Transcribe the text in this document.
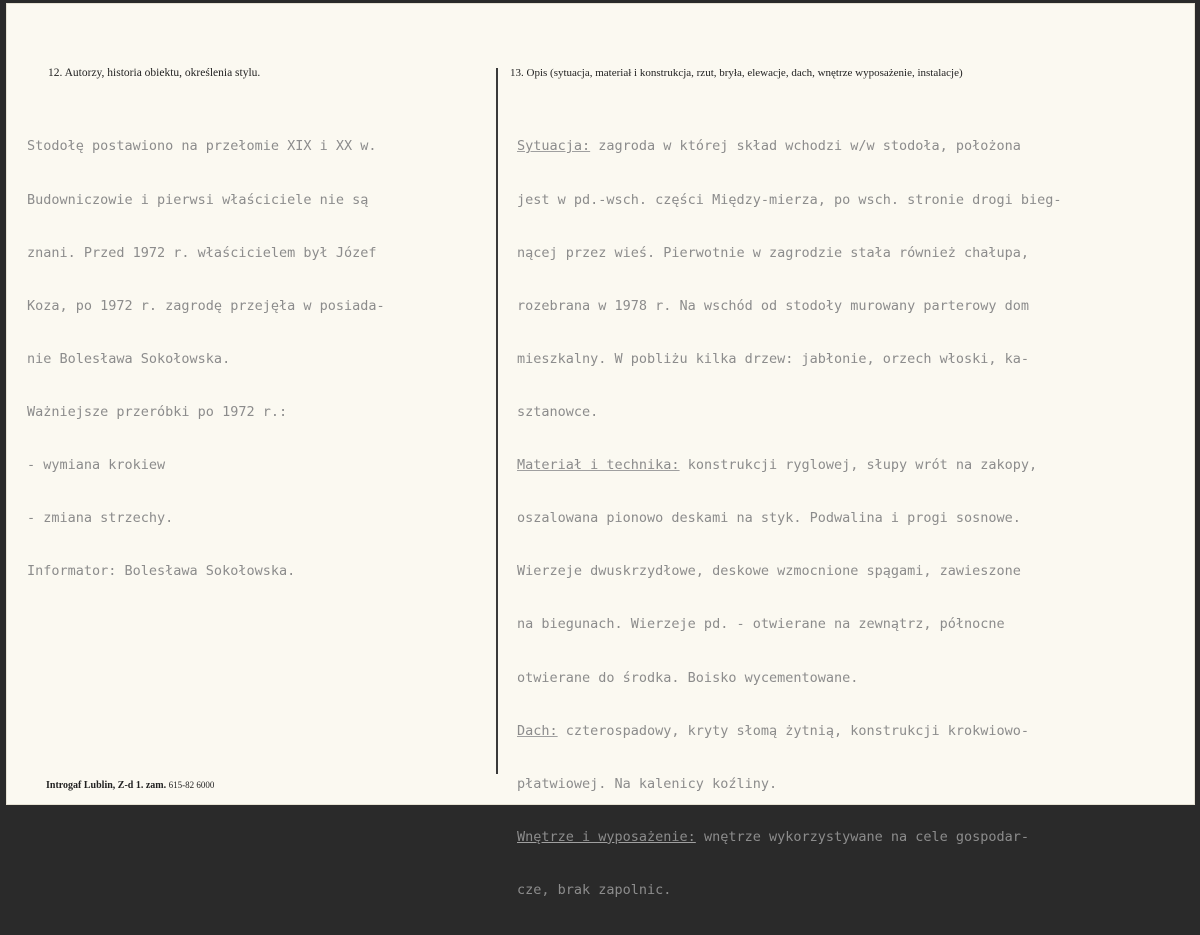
12. Autorzy, historia obiektu, określenia stylu.	13. Opis (sytuacja, materiał i konstrukcja, rzut, bryła, elewacje, dach, wnętrze wyposażenie, instalacje)

Stodołę postawiono na przełomie XIX i XX w.

Budowniczowie i pierwsi właściciele nie są

znani. Przed 1972 r. właścicielem był Józef

Koza, po 1972 r. zagrodę przejęła w posiada-

nie Bolesława Sokołowska.

Ważniejsze przeróbki po 1972 r.:

- wymiana krokiew

- zmiana strzechy.

Informator: Bolesława Sokołowska.

Sytuacja: zagroda w której skład wchodzi w/w stodoła, położona

jest w pd.-wsch. części Między-mierza, po wsch. stronie drogi bieg-

nącej przez wieś. Pierwotnie w zagrodzie stała również chałupa,

rozebrana w 1978 r. Na wschód od stodoły murowany parterowy dom

mieszkalny. W pobliżu kilka drzew: jabłonie, orzech włoski, ka-

sztanowce.

Materiał i technika: konstrukcji ryglowej, słupy wrót na zakopy,

oszalowana pionowo deskami na styk. Podwalina i progi sosnowe.

Wierzeje dwuskrzydłowe, deskowe wzmocnione spągami, zawieszone

na biegunach. Wierzeje pd. - otwierane na zewnątrz, północne

otwierane do środka. Boisko wycementowane.

Dach: czterospadowy, kryty słomą żytnią, konstrukcji krokwiowo-

płatwiowej. Na kalenicy koźliny.

Wnętrze i wyposażenie: wnętrze wykorzystywane na cele gospodar-

cze, brak zapolnic.

Introgaf Lublin, Z-d 1. zam. 615-82 6000
